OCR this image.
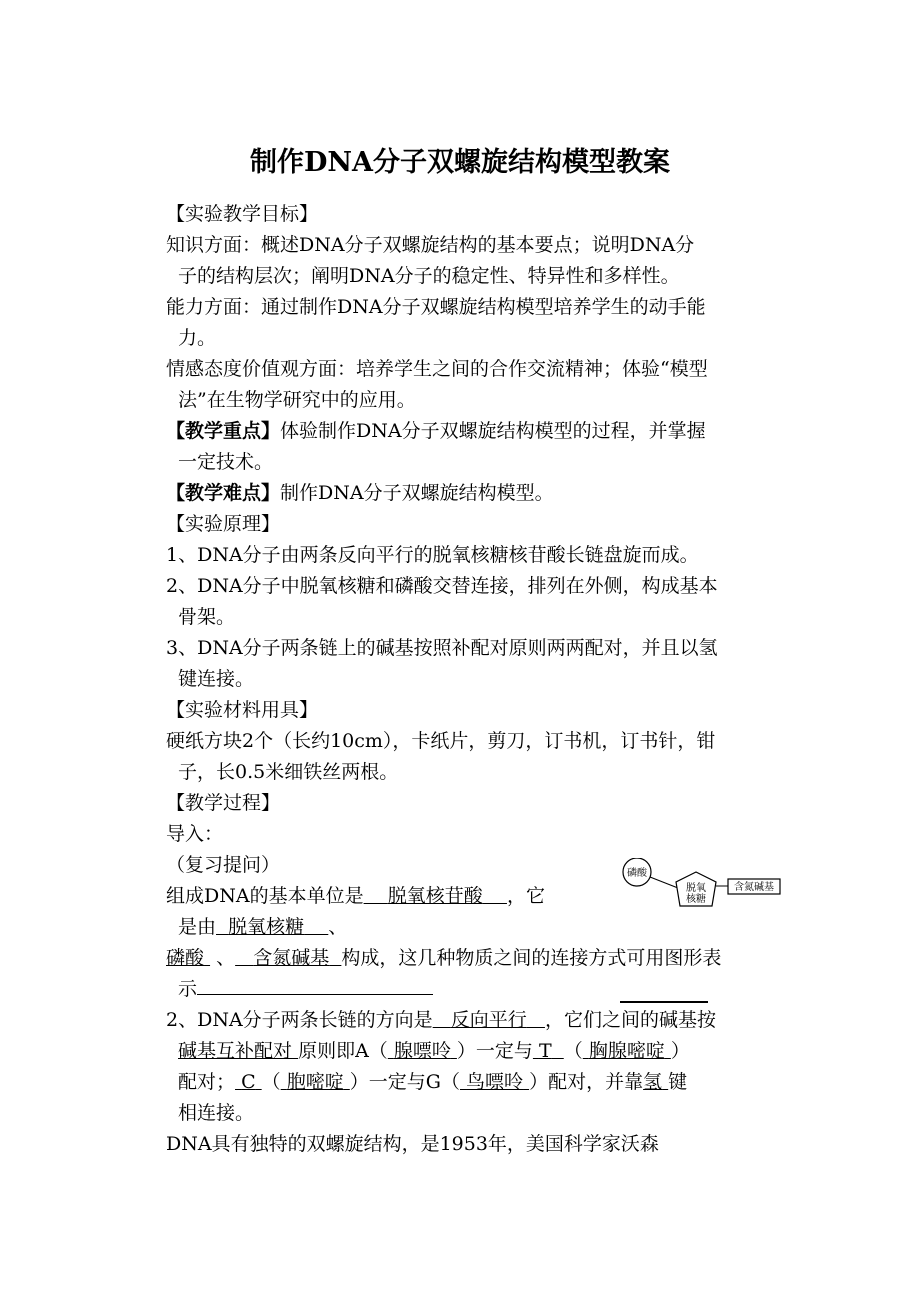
制作DNA分子双螺旋结构模型教案
【实验教学目标】
知识方面：概述DNA分子双螺旋结构的基本要点；说明DNA分
子的结构层次；阐明DNA分子的稳定性、特异性和多样性。
能力方面：通过制作DNA分子双螺旋结构模型培养学生的动手能
力。
情感态度价值观方面：培养学生之间的合作交流精神；体验“模型
法”在生物学研究中的应用。
【教学重点】体验制作DNA分子双螺旋结构模型的过程，并掌握
一定技术。
【教学难点】制作DNA分子双螺旋结构模型。
【实验原理】
1、DNA分子由两条反向平行的脱氧核糖核苷酸长链盘旋而成。
2、DNA分子中脱氧核糖和磷酸交替连接，排列在外侧，构成基本
骨架。
3、DNA分子两条链上的碱基按照补配对原则两两配对，并且以氢
键连接。
【实验材料用具】
硬纸方块2个（长约10cm），卡纸片，剪刀，订书机，订书针，钳
子，长0.5米细铁丝两根。
【教学过程】
导入：
（复习提问）
组成DNA的基本单位是 脱氧核苷酸 ，它
是由 脱氧核糖 、
磷酸 、 含氮碱基 构成，这几种物质之间的连接方式可用图形表
示
2、DNA分子两条长链的方向是 反向平行 ，它们之间的碱基按
碱基互补配对 原则即A（ 腺嘌呤 ）一定与 T （ 胸腺嘧啶 ）
配对； C （ 胞嘧啶 ）一定与G（ 鸟嘌呤 ）配对，并靠氢 键
相连接。
DNA具有独特的双螺旋结构，是1953年，美国科学家沃森
磷酸
脱氧
核糖
含氮碱基
